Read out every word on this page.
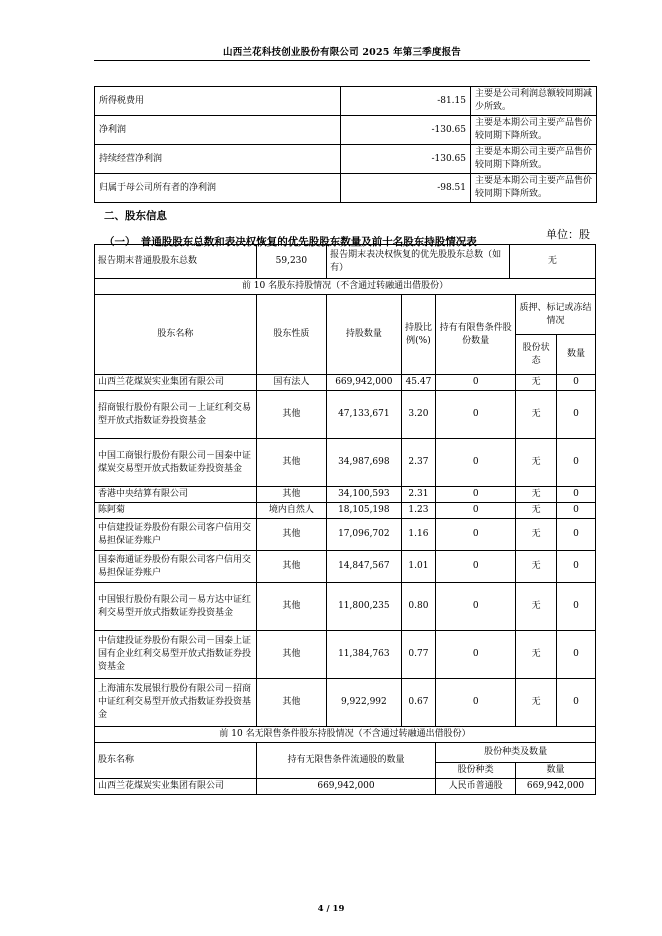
山西兰花科技创业股份有限公司 2025 年第三季度报告
所得税费用	-81.15	主要是公司利润总额较同期减少所致。
净利润	-130.65	主要是本期公司主要产品售价较同期下降所致。
持续经营净利润	-130.65	主要是本期公司主要产品售价较同期下降所致。
归属于母公司所有者的净利润	-98.51	主要是本期公司主要产品售价较同期下降所致。
二、股东信息
单位：股
（一）　普通股股东总数和表决权恢复的优先股股东数量及前十名股东持股情况表
报告期末普通股股东总数	59,230	报告期末表决权恢复的优先股股东总数（如有）			无		
前 10 名股东持股情况（不含通过转融通出借股份）							
股东名称	股东性质	持股数量	持股比例(%)	持有有限售条件股份数量		质押、标记或冻结情况	
						股份状态	数量
山西兰花煤炭实业集团有限公司	国有法人	669,942,000	45.47	0		无	0
招商银行股份有限公司－上证红利交易型开放式指数证券投资基金	其他	47,133,671	3.20	0		无	0
中国工商银行股份有限公司－国泰中证煤炭交易型开放式指数证券投资基金	其他	34,987,698	2.37	0		无	0
香港中央结算有限公司	其他	34,100,593	2.31	0		无	0
陈阿菊	境内自然人	18,105,198	1.23	0		无	0
中信建投证券股份有限公司客户信用交易担保证券账户	其他	17,096,702	1.16	0		无	0
国泰海通证券股份有限公司客户信用交易担保证券账户	其他	14,847,567	1.01	0		无	0
中国银行股份有限公司－易方达中证红利交易型开放式指数证券投资基金	其他	11,800,235	0.80	0		无	0
中信建投证券股份有限公司－国泰上证国有企业红利交易型开放式指数证券投资基金	其他	11,384,763	0.77	0		无	0
上海浦东发展银行股份有限公司－招商中证红利交易型开放式指数证券投资基金	其他	9,922,992	0.67	0		无	0
前 10 名无限售条件股东持股情况（不含通过转融通出借股份）							
股东名称	持有无限售条件流通股的数量			股份种类及数量			
				股份种类		数量	
山西兰花煤炭实业集团有限公司	669,942,000			人民币普通股		669,942,000	
4 / 19
